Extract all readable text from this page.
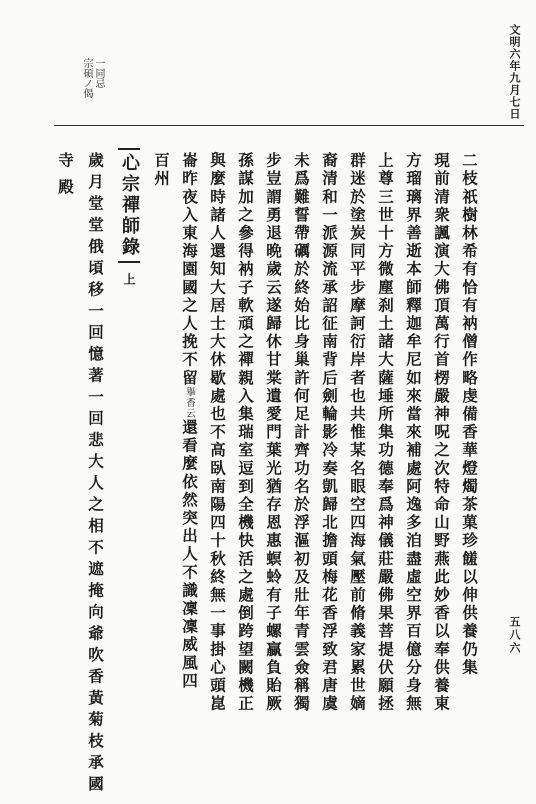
文明六年九月七日
一同忌
宗碩ノ偈
二枝祇樹林希有恰有衲僧作略虔備香華燈燭茶菓珍饈以伸供養仍集
現前清衆諷演大佛頂萬行首楞嚴神呪之次特命山野燕此妙香以奉供養東
方瑠璃界善逝本師釋迦牟尼如來當來補處阿逸多洎盡虛空界百億分身無
上尊三世十方微塵刹土諸大薩埵所集功德奉爲神儀莊嚴佛果菩提伏願拯
群迷於塗炭同平步摩訶衍岸者也共惟某名眼空四海氣壓前脩義家累世嫡
裔清和一派源流承詔征南背后劍輪影冷奏凱歸北擔頭梅花香浮致君唐虞
未爲難誓帶礪於終始比身巢許何足計齊功名於浮漚初及壯年青雲僉稱獨
步豈謂勇退晩歲云遂歸休甘棠遺愛門葉光猶存恩惠螟蛉有子螺贏負貽厥
孫謀加之參得衲子軟頑之禪親入集瑞室逗到全機快活之處倒跨望闕機正
與麼時諸人還知大居士大休歇處也不高臥南陽四十秋終無一事掛心頭崑
崙昨夜入東海園國之人挽不留擧香云還看麼依然突出人不識凜凜威風四
百州
心宗禪師錄上
歲月堂堂俄頃移一回憶著一回悲大人之相不遮掩向爺吹香黃菊枝承國
寺殿
五八六
